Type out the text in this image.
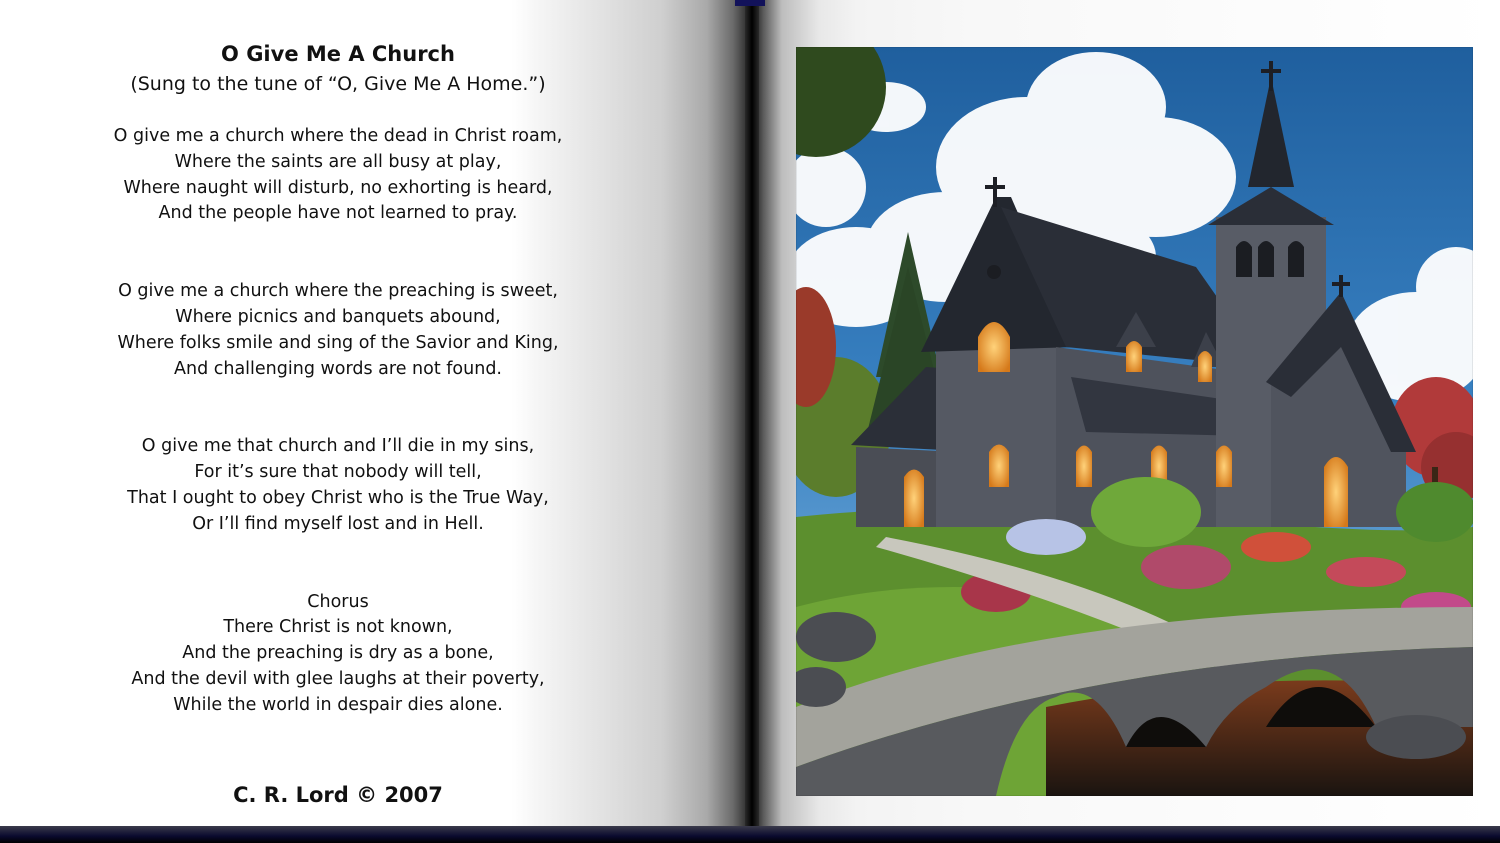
O Give Me A Church
(Sung to the tune of “O, Give Me A Home.”)
O give me a church where the dead in Christ roam,
Where the saints are all busy at play,
Where naught will disturb, no exhorting is heard,
And the people have not learned to pray.
O give me a church where the preaching is sweet,
Where picnics and banquets abound,
Where folks smile and sing of the Savior and King,
And challenging words are not found.
O give me that church and I’ll die in my sins,
For it’s sure that nobody will tell,
That I ought to obey Christ who is the True Way,
Or I’ll find myself lost and in Hell.
Chorus
There Christ is not known,
And the preaching is dry as a bone,
And the devil with glee laughs at their poverty,
While the world in despair dies alone.
C. R. Lord © 2007
